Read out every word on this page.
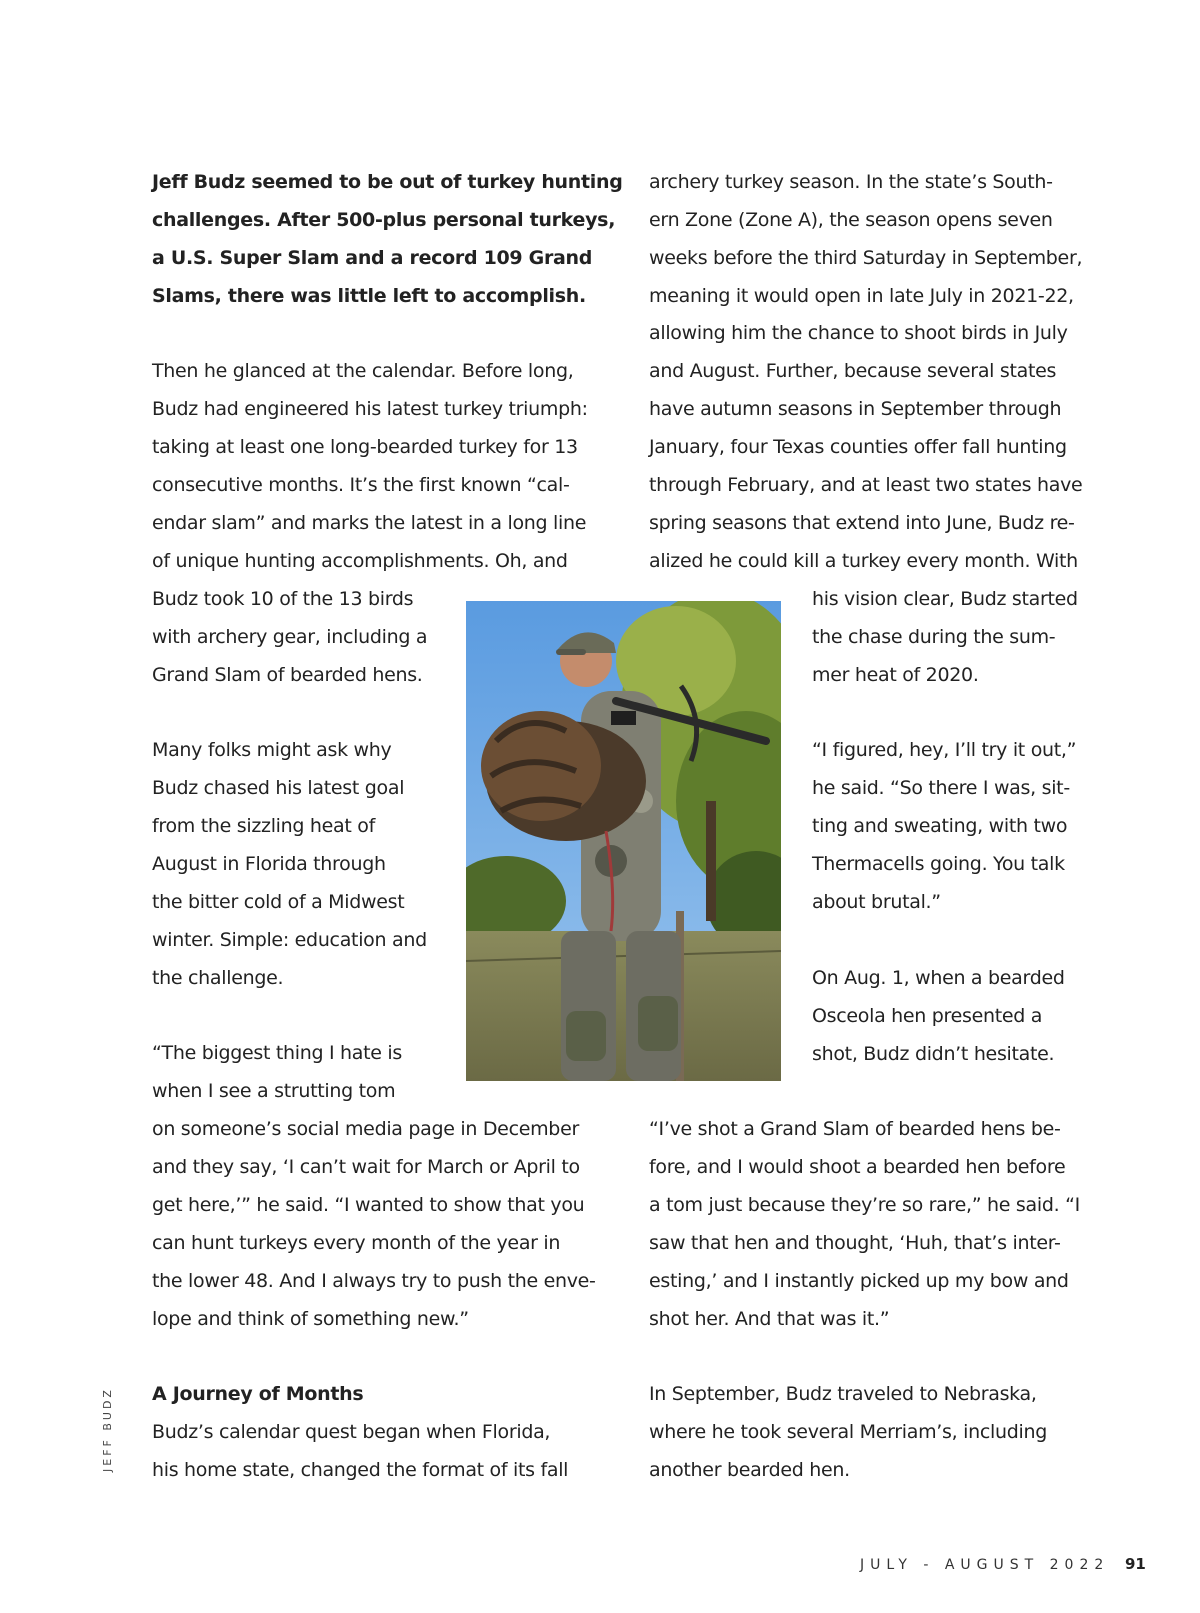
Jeff Budz seemed to be out of turkey hunting
challenges. After 500-plus personal turkeys,
a U.S. Super Slam and a record 109 Grand
Slams, there was little left to accomplish.
Then he glanced at the calendar. Before long,
Budz had engineered his latest turkey triumph:
taking at least one long-bearded turkey for 13
consecutive months. It’s the first known “cal-
endar slam” and marks the latest in a long line
of unique hunting accomplishments. Oh, and
Budz took 10 of the 13 birds
with archery gear, including a
Grand Slam of bearded hens.
Many folks might ask why
Budz chased his latest goal
from the sizzling heat of
August in Florida through
the bitter cold of a Midwest
winter. Simple: education and
the challenge.
“The biggest thing I hate is
when I see a strutting tom
on someone’s social media page in December
and they say, ‘I can’t wait for March or April to
get here,’” he said. “I wanted to show that you
can hunt turkeys every month of the year in
the lower 48. And I always try to push the enve-
lope and think of something new.”
A Journey of Months
Budz’s calendar quest began when Florida,
his home state, changed the format of its fall
archery turkey season. In the state’s South-
ern Zone (Zone A), the season opens seven
weeks before the third Saturday in September,
meaning it would open in late July in 2021-22,
allowing him the chance to shoot birds in July
and August. Further, because several states
have autumn seasons in September through
January, four Texas counties offer fall hunting
through February, and at least two states have
spring seasons that extend into June, Budz re-
alized he could kill a turkey every month. With
his vision clear, Budz started
the chase during the sum-
mer heat of 2020.
“I figured, hey, I’ll try it out,”
he said. “So there I was, sit-
ting and sweating, with two
Thermacells going. You talk
about brutal.”
On Aug. 1, when a bearded
Osceola hen presented a
shot, Budz didn’t hesitate.
“I’ve shot a Grand Slam of bearded hens be-
fore, and I would shoot a bearded hen before
a tom just because they’re so rare,” he said. “I
saw that hen and thought, ‘Huh, that’s inter-
esting,’ and I instantly picked up my bow and
shot her. And that was it.”
In September, Budz traveled to Nebraska,
where he took several Merriam’s, including
another bearded hen.
JEFF BUDZ
JULY - AUGUST 2022 91
